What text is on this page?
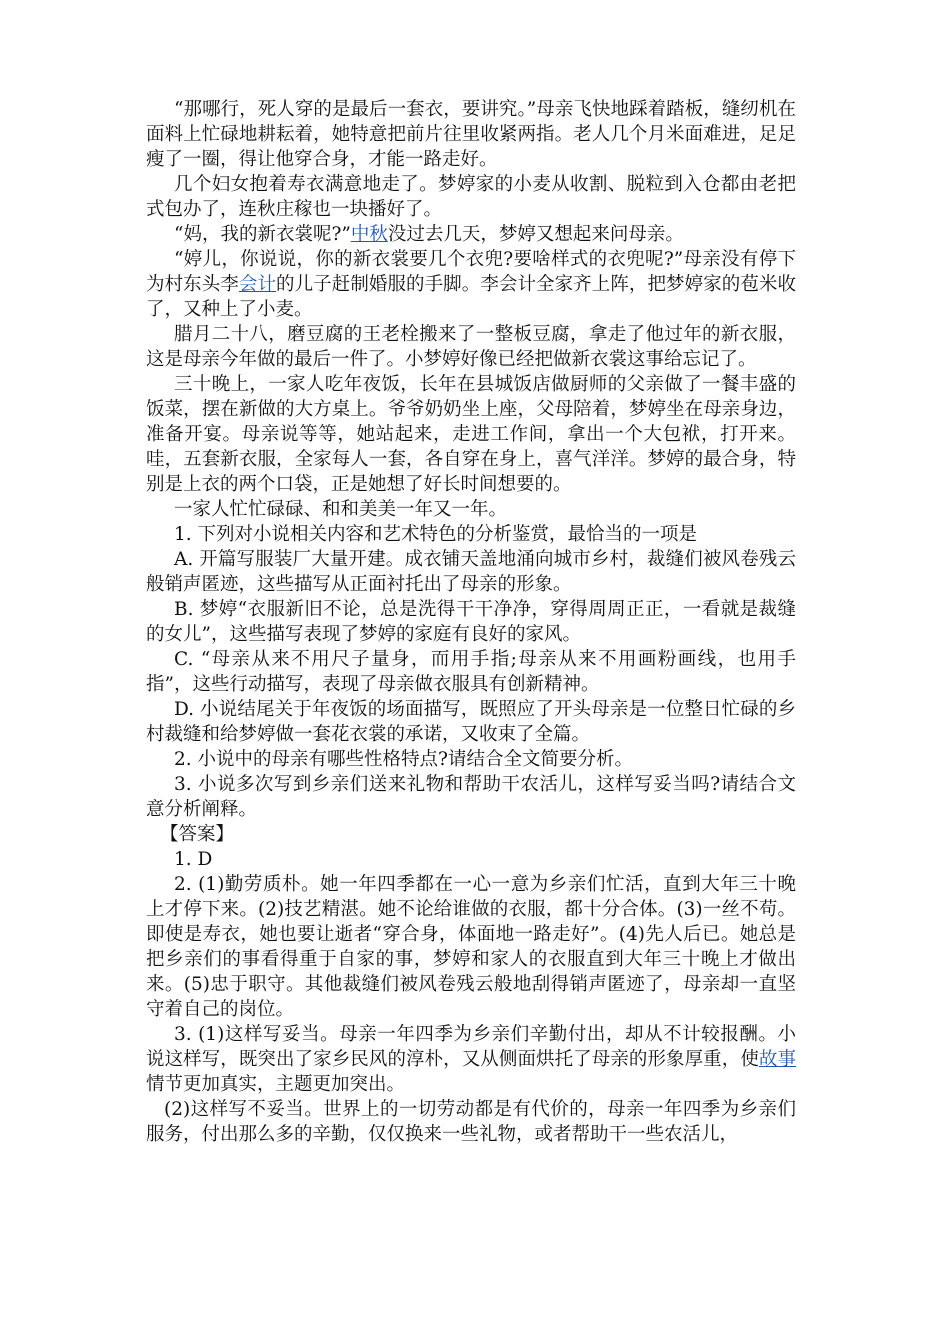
“那哪行，死人穿的是最后一套衣，要讲究。”母亲飞快地踩着踏板，缝纫机在面料上忙碌地耕耘着，她特意把前片往里收紧两指。老人几个月米面难进，足足瘦了一圈，得让他穿合身，才能一路走好。

几个妇女抱着寿衣满意地走了。梦婷家的小麦从收割、脱粒到入仓都由老把式包办了，连秋庄稼也一块播好了。

“妈，我的新衣裳呢?”中秋没过去几天，梦婷又想起来问母亲。

“婷儿，你说说，你的新衣裳要几个衣兜?要啥样式的衣兜呢?”母亲没有停下为村东头李会计的儿子赶制婚服的手脚。李会计全家齐上阵，把梦婷家的苞米收了，又种上了小麦。

腊月二十八，磨豆腐的王老栓搬来了一整板豆腐，拿走了他过年的新衣服，这是母亲今年做的最后一件了。小梦婷好像已经把做新衣裳这事给忘记了。

三十晚上，一家人吃年夜饭，长年在县城饭店做厨师的父亲做了一餐丰盛的饭菜，摆在新做的大方桌上。爷爷奶奶坐上座，父母陪着，梦婷坐在母亲身边，准备开宴。母亲说等等，她站起来，走进工作间，拿出一个大包袱，打开来。哇，五套新衣服，全家每人一套，各自穿在身上，喜气洋洋。梦婷的最合身，特别是上衣的两个口袋，正是她想了好长时间想要的。

一家人忙忙碌碌、和和美美一年又一年。

1. 下列对小说相关内容和艺术特色的分析鉴赏，最恰当的一项是

A. 开篇写服装厂大量开建。成衣铺天盖地涌向城市乡村，裁缝们被风卷残云般销声匿迹，这些描写从正面衬托出了母亲的形象。

B. 梦婷“衣服新旧不论，总是洗得干干净净，穿得周周正正，一看就是裁缝的女儿”，这些描写表现了梦婷的家庭有良好的家风。

C. “母亲从来不用尺子量身，而用手指;母亲从来不用画粉画线，也用手指”，这些行动描写，表现了母亲做衣服具有创新精神。

D. 小说结尾关于年夜饭的场面描写，既照应了开头母亲是一位整日忙碌的乡村裁缝和给梦婷做一套花衣裳的承诺，又收束了全篇。

2. 小说中的母亲有哪些性格特点?请结合全文简要分析。

3. 小说多次写到乡亲们送来礼物和帮助干农活儿，这样写妥当吗?请结合文意分析阐释。

【答案】

1. D

2. (1)勤劳质朴。她一年四季都在一心一意为乡亲们忙活，直到大年三十晚上才停下来。(2)技艺精湛。她不论给谁做的衣服，都十分合体。(3)一丝不苟。即使是寿衣，她也要让逝者“穿合身，体面地一路走好”。(4)先人后已。她总是把乡亲们的事看得重于自家的事，梦婷和家人的衣服直到大年三十晚上才做出来。(5)忠于职守。其他裁缝们被风卷残云般地刮得销声匿迹了，母亲却一直坚守着自己的岗位。

3. (1)这样写妥当。母亲一年四季为乡亲们辛勤付出，却从不计较报酬。小说这样写，既突出了家乡民风的淳朴，又从侧面烘托了母亲的形象厚重，使故事情节更加真实，主题更加突出。

(2)这样写不妥当。世界上的一切劳动都是有代价的，母亲一年四季为乡亲们服务，付出那么多的辛勤，仅仅换来一些礼物，或者帮助干一些农活儿，
